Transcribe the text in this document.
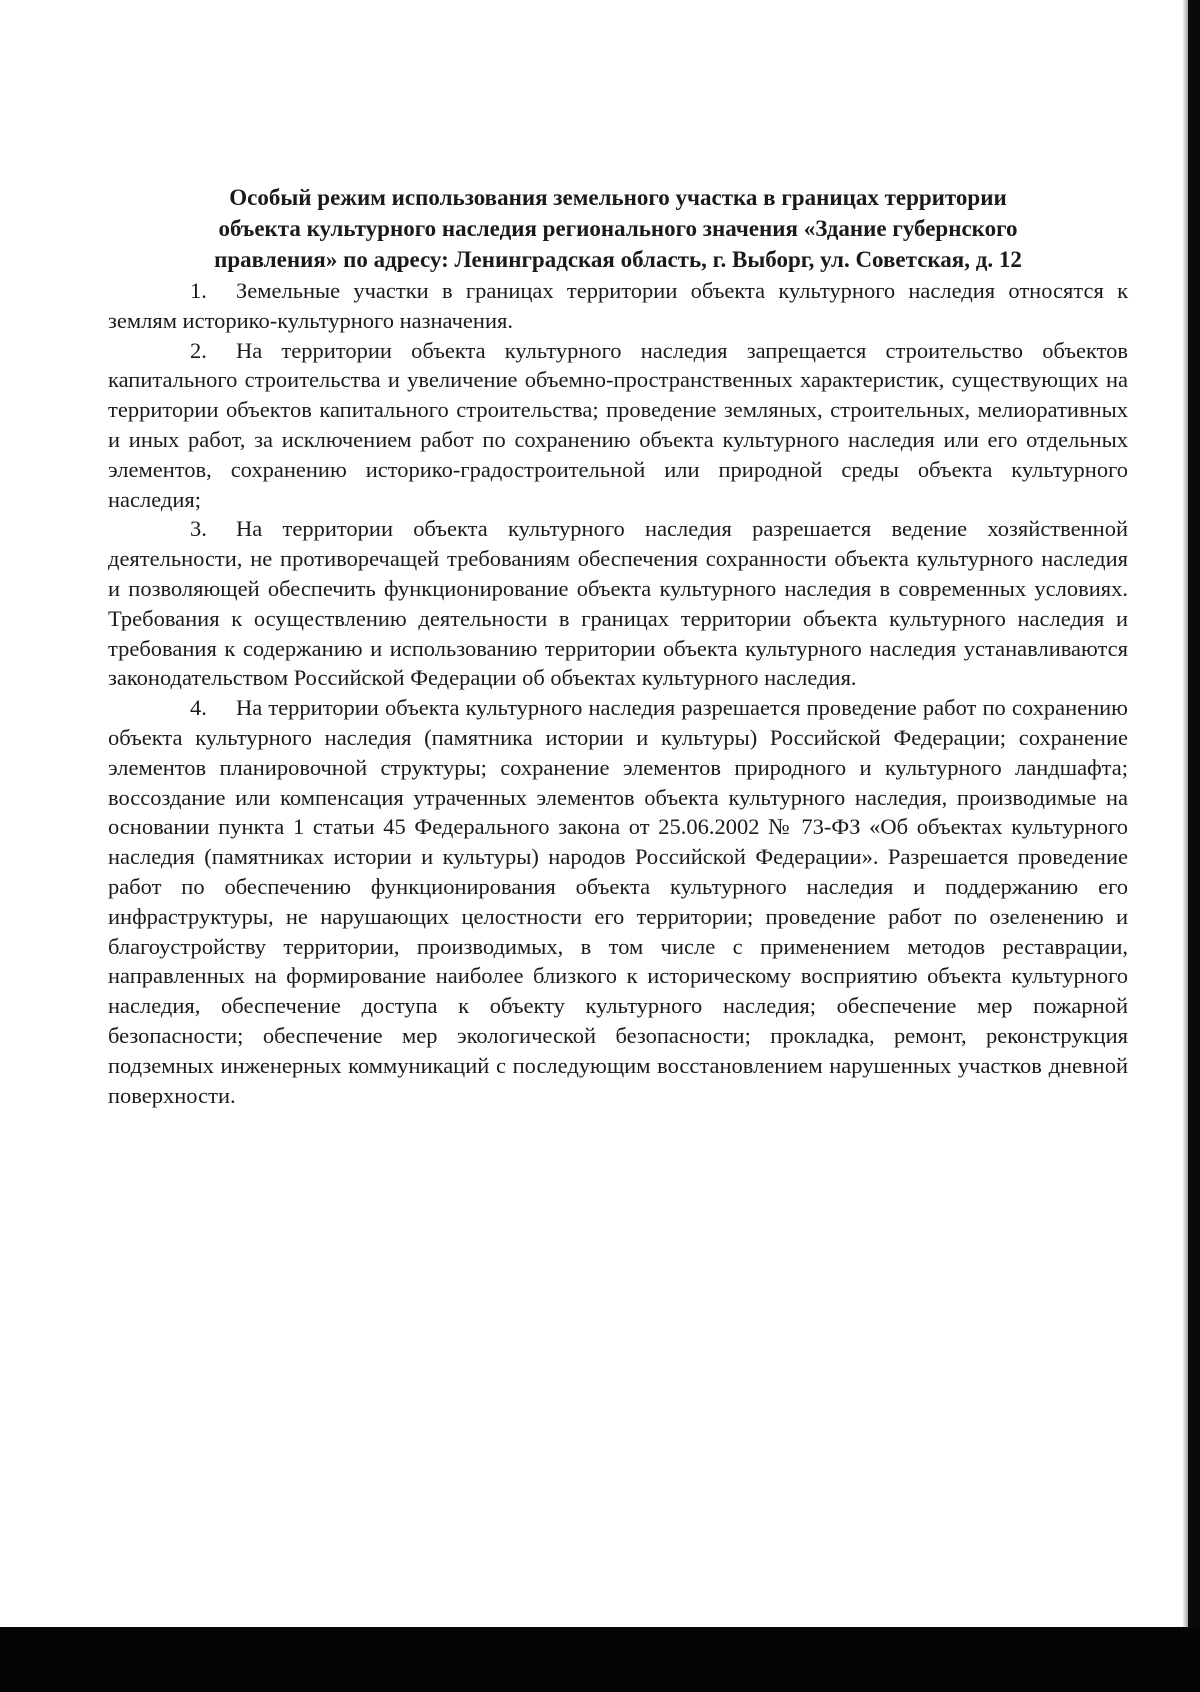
Особый режим использования земельного участка в границах территории
объекта культурного наследия регионального значения «Здание губернского
правления» по адресу: Ленинградская область, г. Выборг, ул. Советская, д. 12

1. Земельные участки в границах территории объекта культурного наследия относятся к землям историко-культурного назначения.

2. На территории объекта культурного наследия запрещается строительство объектов капитального строительства и увеличение объемно-пространственных характеристик, существующих на территории объектов капитального строительства; проведение земляных, строительных, мелиоративных и иных работ, за исключением работ по сохранению объекта культурного наследия или его отдельных элементов, сохранению историко-градостроительной или природной среды объекта культурного наследия;

3. На территории объекта культурного наследия разрешается ведение хозяйственной деятельности, не противоречащей требованиям обеспечения сохранности объекта культурного наследия и позволяющей обеспечить функционирование объекта культурного наследия в современных условиях. Требования к осуществлению деятельности в границах территории объекта культурного наследия и требования к содержанию и использованию территории объекта культурного наследия устанавливаются законодательством Российской Федерации об объектах культурного наследия.

4. На территории объекта культурного наследия разрешается проведение работ по сохранению объекта культурного наследия (памятника истории и культуры) Российской Федерации; сохранение элементов планировочной структуры; сохранение элементов природного и культурного ландшафта; воссоздание или компенсация утраченных элементов объекта культурного наследия, производимые на основании пункта 1 статьи 45 Федерального закона от 25.06.2002 № 73-ФЗ «Об объектах культурного наследия (памятниках истории и культуры) народов Российской Федерации». Разрешается проведение работ по обеспечению функционирования объекта культурного наследия и поддержанию его инфраструктуры, не нарушающих целостности его территории; проведение работ по озеленению и благоустройству территории, производимых, в том числе с применением методов реставрации, направленных на формирование наиболее близкого к историческому восприятию объекта культурного наследия, обеспечение доступа к объекту культурного наследия; обеспечение мер пожарной безопасности; обеспечение мер экологической безопасности; прокладка, ремонт, реконструкция подземных инженерных коммуникаций с последующим восстановлением нарушенных участков дневной поверхности.
